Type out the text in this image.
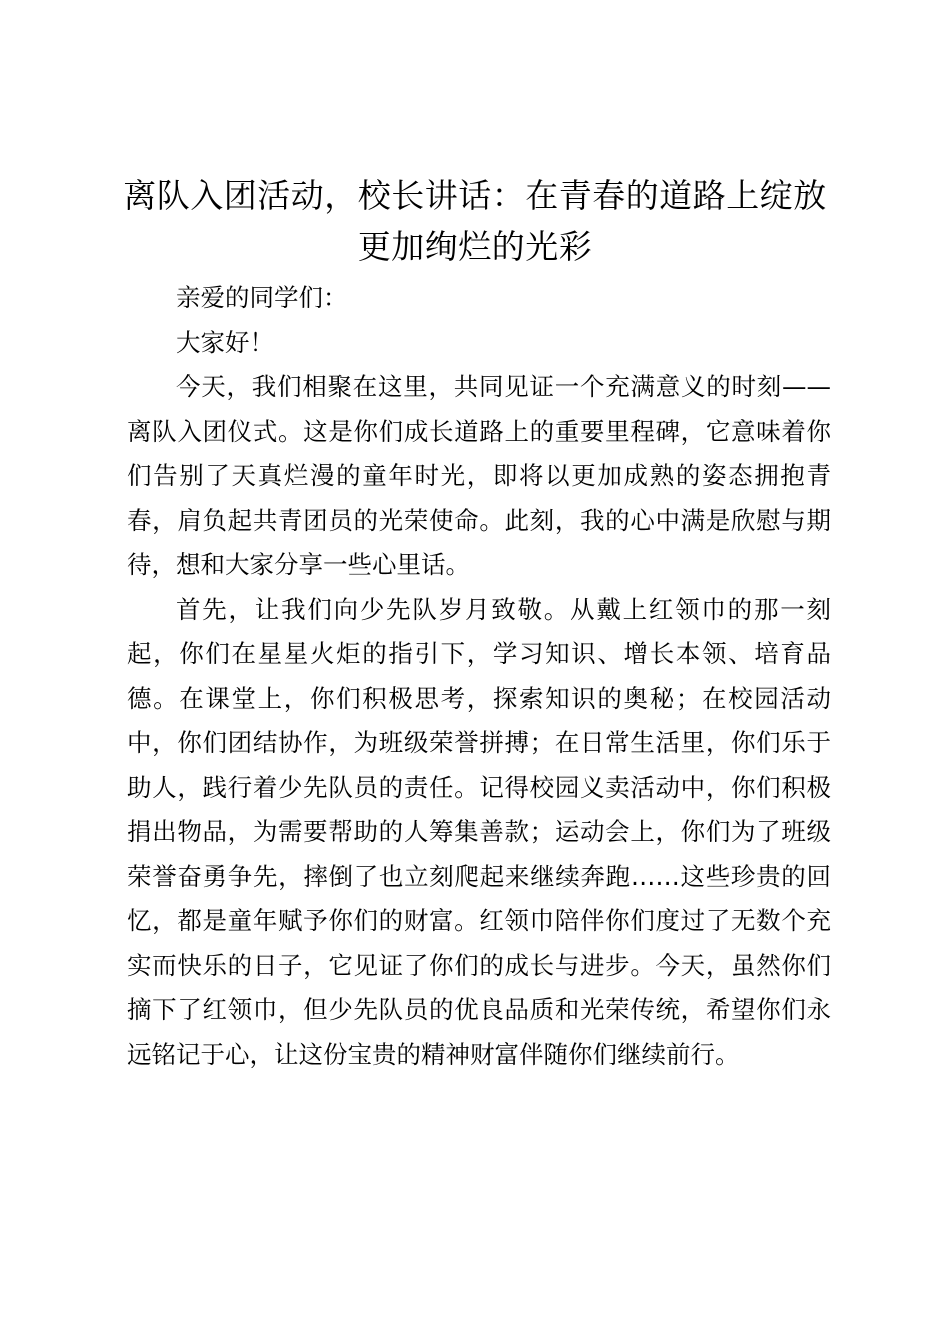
离队入团活动，校长讲话：在青春的道路上绽放更加绚烂的光彩

亲爱的同学们：

大家好！

今天，我们相聚在这里，共同见证一个充满意义的时刻——离队入团仪式。这是你们成长道路上的重要里程碑，它意味着你们告别了天真烂漫的童年时光，即将以更加成熟的姿态拥抱青春，肩负起共青团员的光荣使命。此刻，我的心中满是欣慰与期待，想和大家分享一些心里话。

首先，让我们向少先队岁月致敬。从戴上红领巾的那一刻起，你们在星星火炬的指引下，学习知识、增长本领、培育品德。在课堂上，你们积极思考，探索知识的奥秘；在校园活动中，你们团结协作，为班级荣誉拼搏；在日常生活里，你们乐于助人，践行着少先队员的责任。记得校园义卖活动中，你们积极捐出物品，为需要帮助的人筹集善款；运动会上，你们为了班级荣誉奋勇争先，摔倒了也立刻爬起来继续奔跑……这些珍贵的回忆，都是童年赋予你们的财富。红领巾陪伴你们度过了无数个充实而快乐的日子，它见证了你们的成长与进步。今天，虽然你们摘下了红领巾，但少先队员的优良品质和光荣传统，希望你们永远铭记于心，让这份宝贵的精神财富伴随你们继续前行。
